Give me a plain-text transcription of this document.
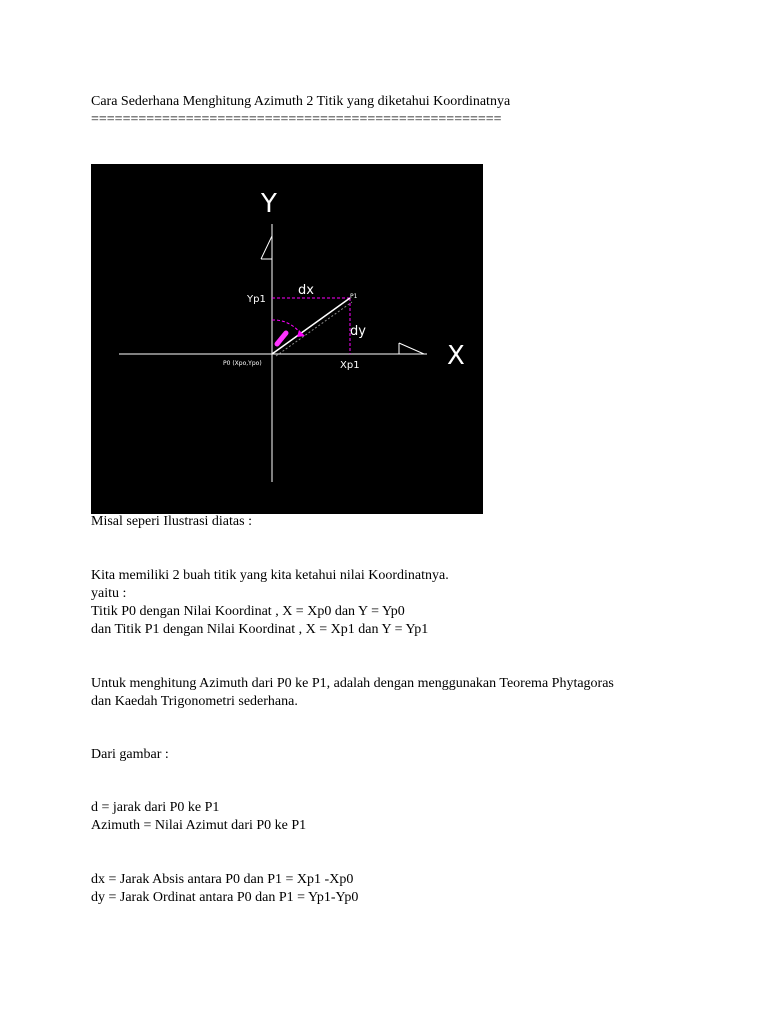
Cara Sederhana Menghitung Azimuth 2 Titik yang diketahui Koordinatnya
====================================================
Y
X
Yp1
dx	P1
dy
Xp1
P0 (Xpo,Ypo)
Misal seperi Ilustrasi diatas :
Kita memiliki 2 buah titik yang kita ketahui nilai Koordinatnya.
yaitu :
Titik P0 dengan Nilai Koordinat , X = Xp0 dan Y = Yp0
dan Titik P1 dengan Nilai Koordinat , X = Xp1 dan Y = Yp1
Untuk menghitung Azimuth dari P0 ke P1, adalah dengan menggunakan Teorema Phytagoras
dan Kaedah Trigonometri sederhana.
Dari gambar :
d = jarak dari P0 ke P1
Azimuth = Nilai Azimut dari P0 ke P1
dx = Jarak Absis antara P0 dan P1 = Xp1 -Xp0
dy = Jarak Ordinat antara P0 dan P1 = Yp1-Yp0
